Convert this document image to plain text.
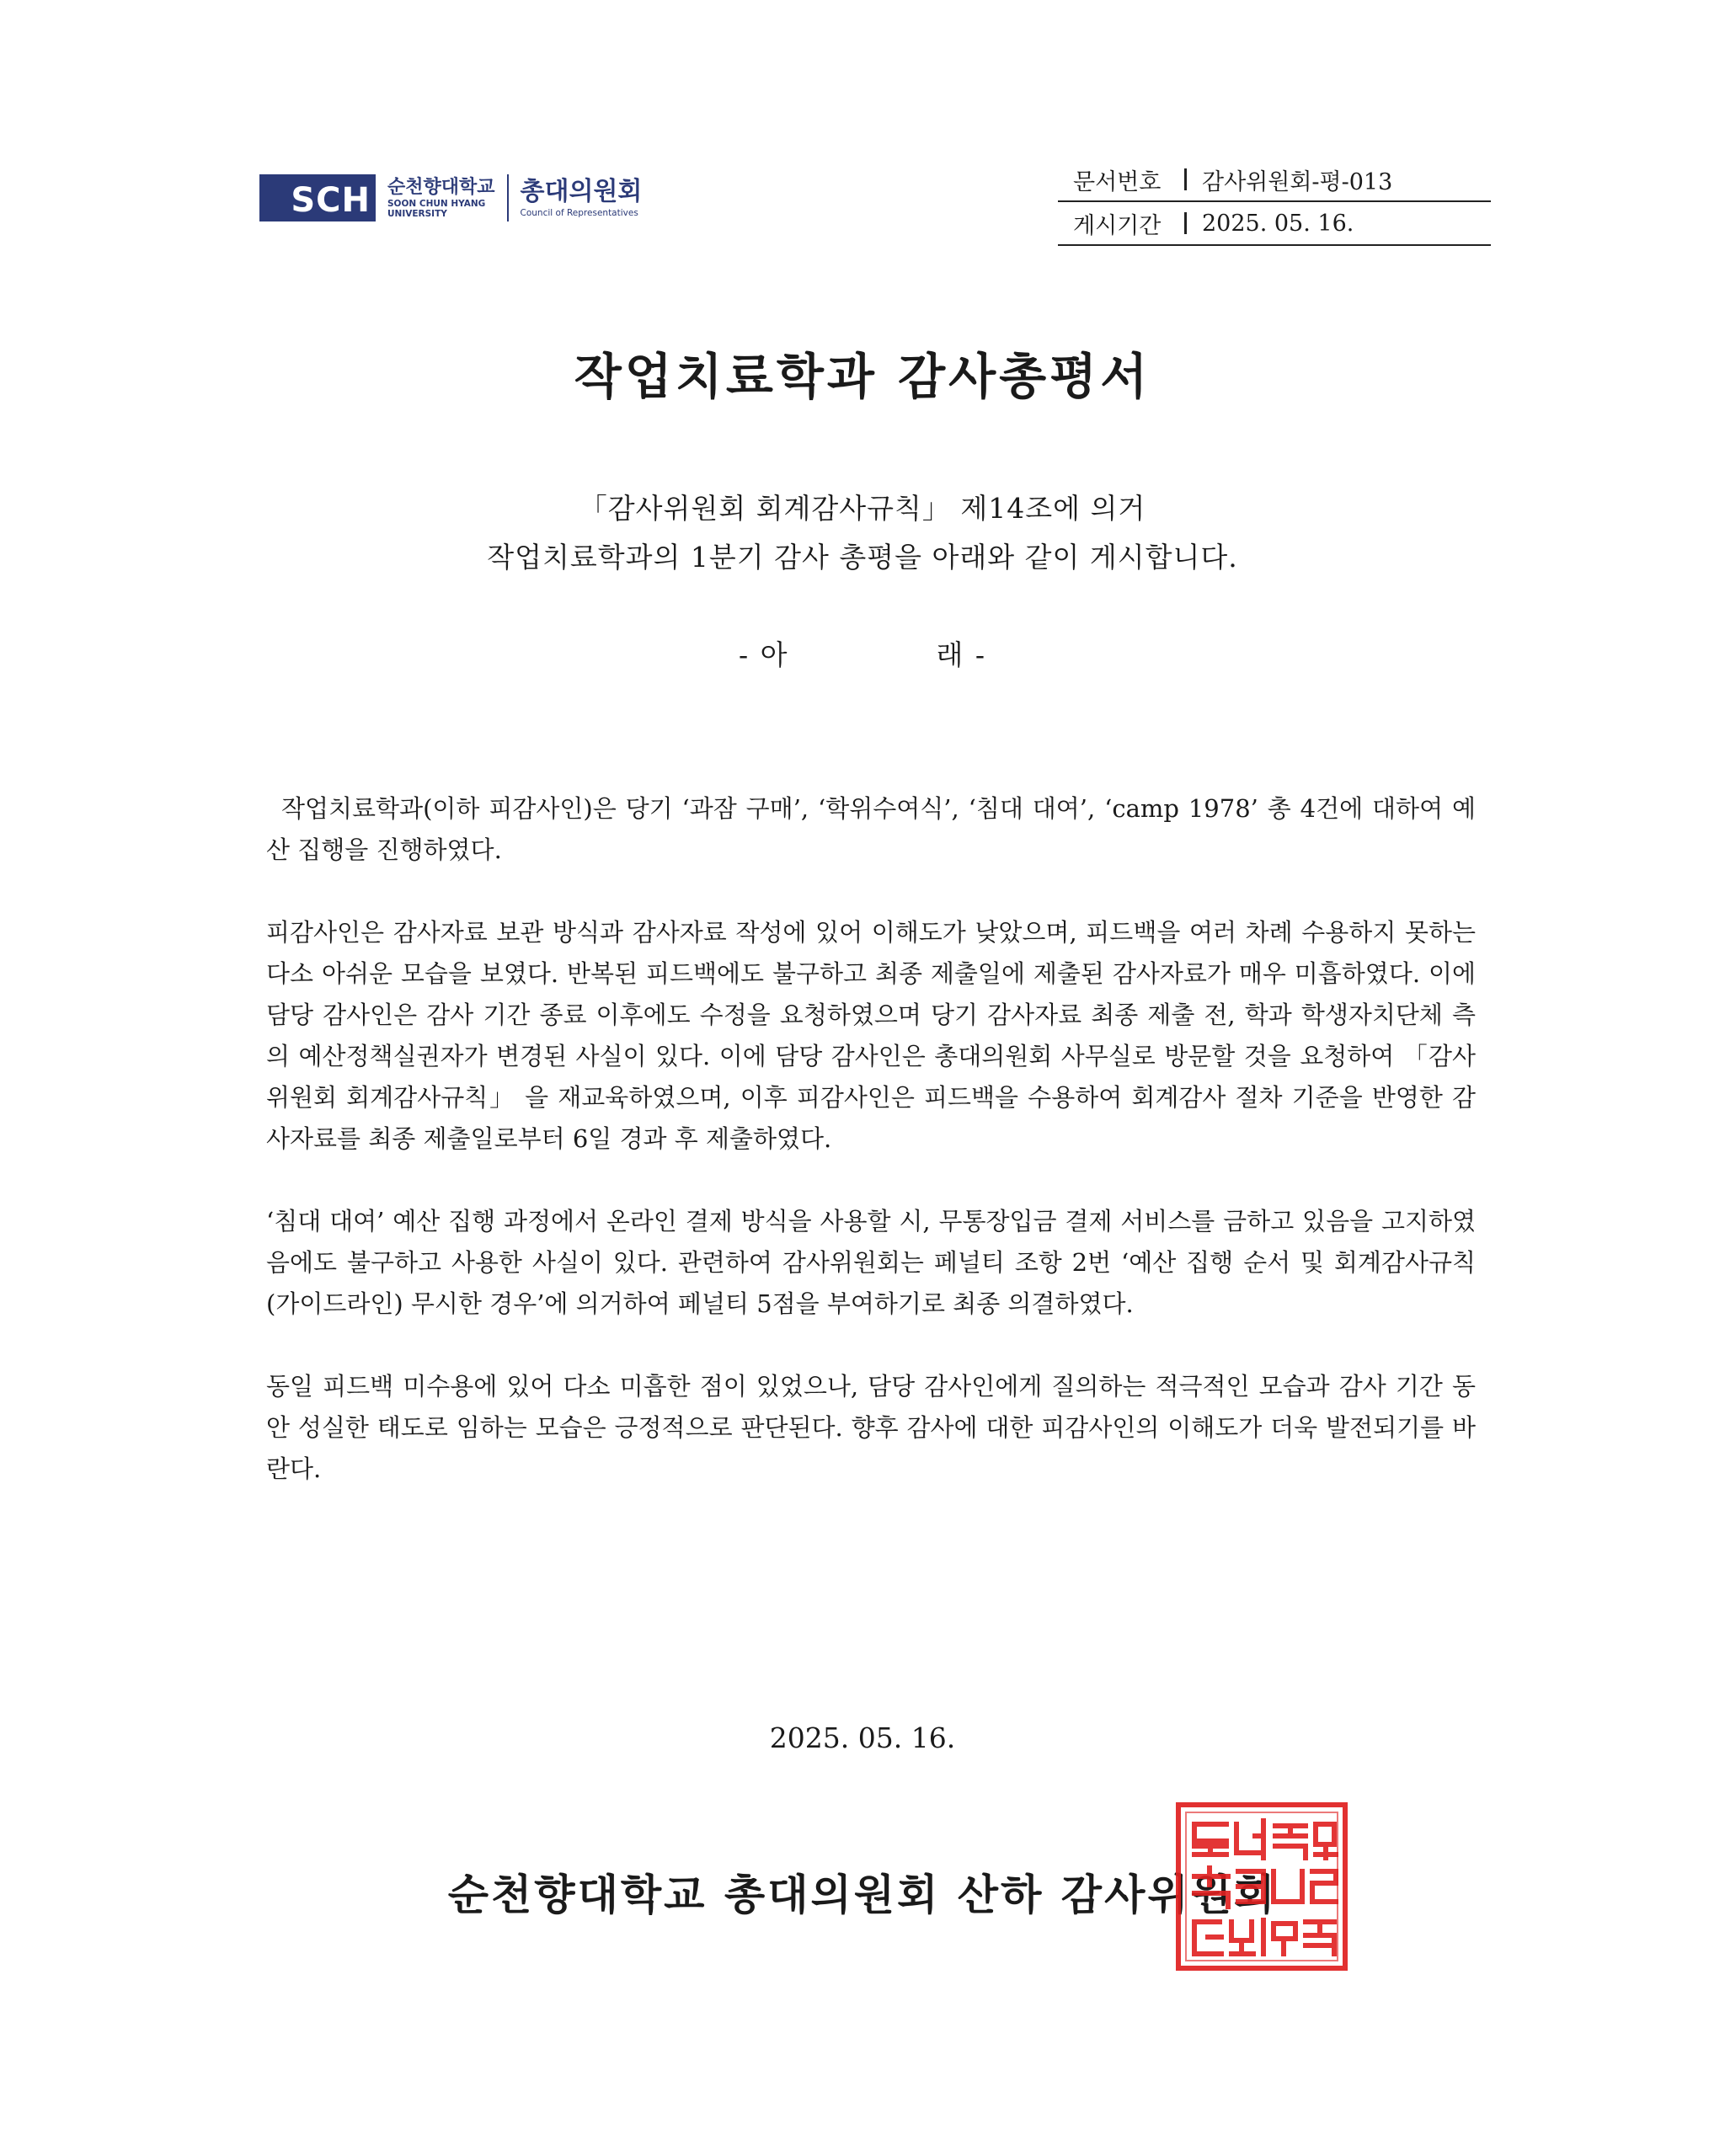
SCH 순천향대학교
SOON CHUN HYANG
UNIVERSITY
총대의원회
Council of Representatives
문서번호	감사위원회-평-013
게시기간	2025. 05. 16.
작업치료학과 감사총평서
「감사위원회 회계감사규칙」 제14조에 의거
작업치료학과의 1분기 감사 총평을 아래와 같이 게시합니다.
- 아	래 -

작업치료학과(이하 피감사인)은 당기 ‘과잠 구매’, ‘학위수여식’, ‘침대 대여’, ‘camp 1978’ 총 4건에 대하여 예산 집행을 진행하였다.

피감사인은 감사자료 보관 방식과 감사자료 작성에 있어 이해도가 낮았으며, 피드백을 여러 차례 수용하지 못하는 다소 아쉬운 모습을 보였다. 반복된 피드백에도 불구하고 최종 제출일에 제출된 감사자료가 매우 미흡하였다. 이에 담당 감사인은 감사 기간 종료 이후에도 수정을 요청하였으며 당기 감사자료 최종 제출 전, 학과 학생자치단체 측의 예산정책실권자가 변경된 사실이 있다. 이에 담당 감사인은 총대의원회 사무실로 방문할 것을 요청하여 「감사위원회 회계감사규칙」 을 재교육하였으며, 이후 피감사인은 피드백을 수용하여 회계감사 절차 기준을 반영한 감사자료를 최종 제출일로부터 6일 경과 후 제출하였다.

‘침대 대여’ 예산 집행 과정에서 온라인 결제 방식을 사용할 시, 무통장입금 결제 서비스를 금하고 있음을 고지하였음에도 불구하고 사용한 사실이 있다. 관련하여 감사위원회는 페널티 조항 2번 ‘예산 집행 순서 및 회계감사규칙(가이드라인) 무시한 경우’에 의거하여 페널티 5점을 부여하기로 최종 의결하였다.

동일 피드백 미수용에 있어 다소 미흡한 점이 있었으나, 담당 감사인에게 질의하는 적극적인 모습과 감사 기간 동안 성실한 태도로 임하는 모습은 긍정적으로 판단된다. 향후 감사에 대한 피감사인의 이해도가 더욱 발전되기를 바란다.

2025. 05. 16.
순천향대학교 총대의원회 산하 감사위원회
